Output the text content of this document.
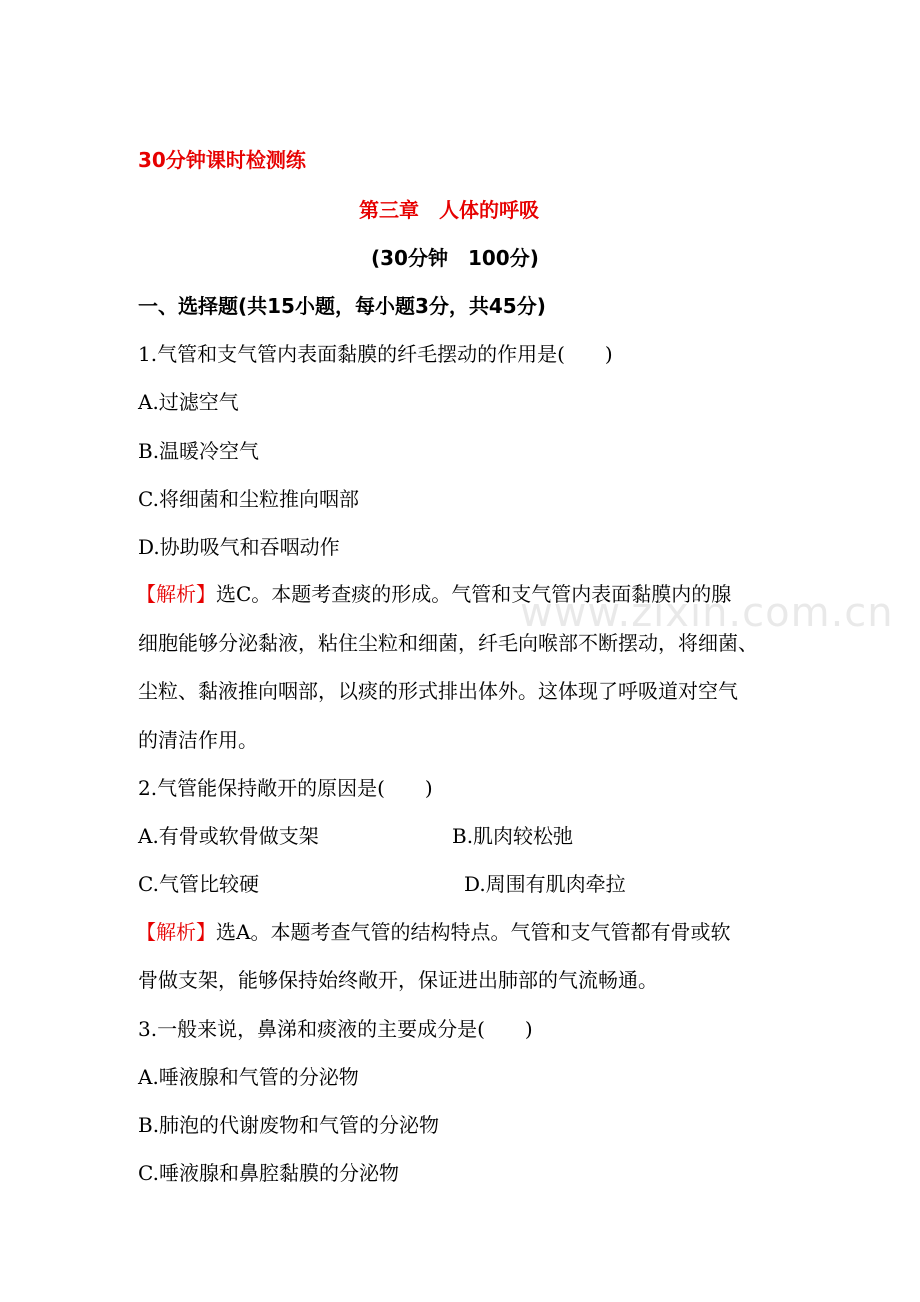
30分钟课时检测练
第三章　人体的呼吸
(30分钟　100分)
一、选择题(共15小题，每小题3分，共45分)
1.气管和支气管内表面黏膜的纤毛摆动的作用是(　　)
A.过滤空气
B.温暖冷空气
C.将细菌和尘粒推向咽部
D.协助吸气和吞咽动作
【解析】选C。本题考查痰的形成。气管和支气管内表面黏膜内的腺
细胞能够分泌黏液，粘住尘粒和细菌，纤毛向喉部不断摆动，将细菌、
尘粒、黏液推向咽部，以痰的形式排出体外。这体现了呼吸道对空气
的清洁作用。
2.气管能保持敞开的原因是(　　)
A.有骨或软骨做支架	B.肌肉较松弛
C.气管比较硬	D.周围有肌肉牵拉
【解析】选A。本题考查气管的结构特点。气管和支气管都有骨或软
骨做支架，能够保持始终敞开，保证进出肺部的气流畅通。
3.一般来说，鼻涕和痰液的主要成分是(　　)
A.唾液腺和气管的分泌物
B.肺泡的代谢废物和气管的分泌物
C.唾液腺和鼻腔黏膜的分泌物
www.zixin.com.cn
